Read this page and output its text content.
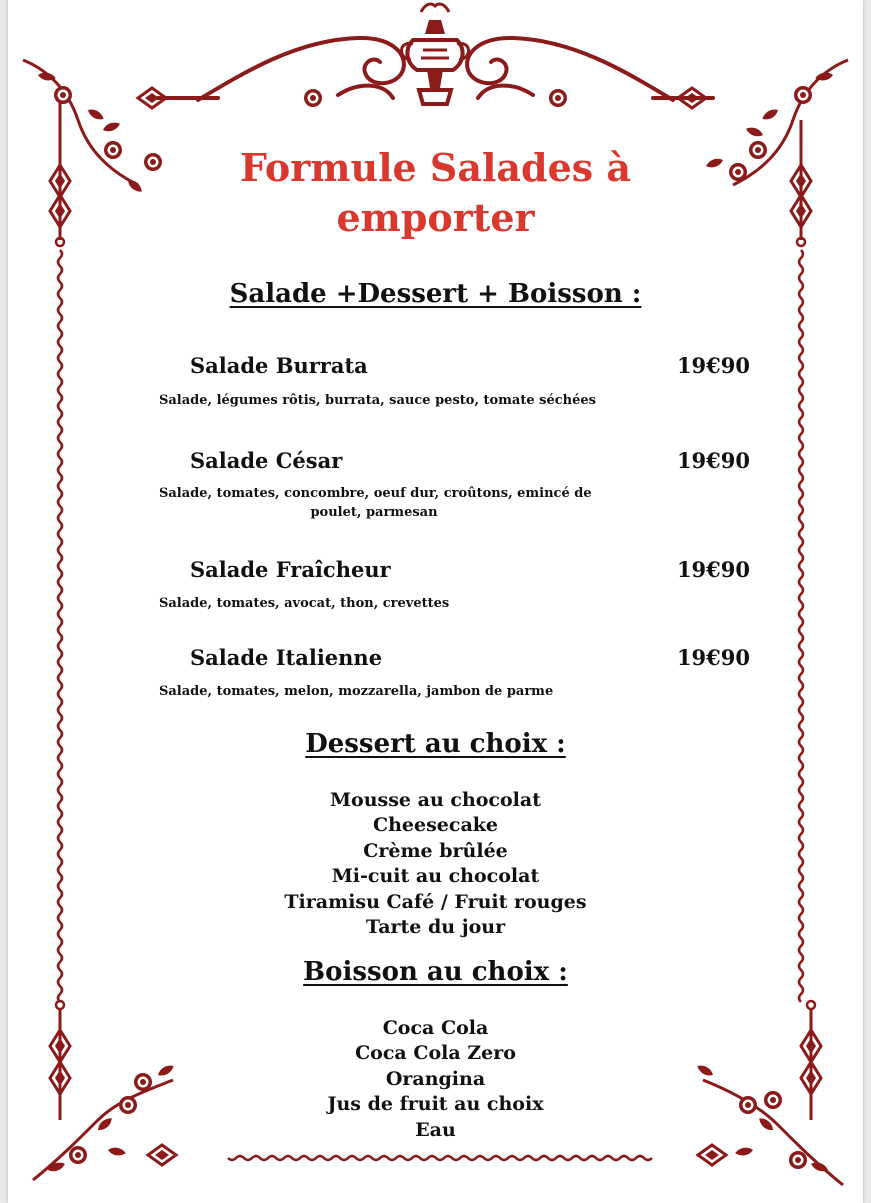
Formule Salades à
emporter
Salade +Dessert + Boisson :
Salade Burrata	19€90
Salade, légumes rôtis, burrata, sauce pesto, tomate séchées
Salade César	19€90
Salade, tomates, concombre, oeuf dur, croûtons, emincé de
poulet, parmesan
Salade Fraîcheur	19€90
Salade, tomates, avocat, thon, crevettes
Salade Italienne	19€90
Salade, tomates, melon, mozzarella, jambon de parme
Dessert au choix :
Mousse au chocolat
Cheesecake
Crème brûlée
Mi-cuit au chocolat
Tiramisu Café / Fruit rouges
Tarte du jour
Boisson au choix :
Coca Cola
Coca Cola Zero
Orangina
Jus de fruit au choix
Eau
